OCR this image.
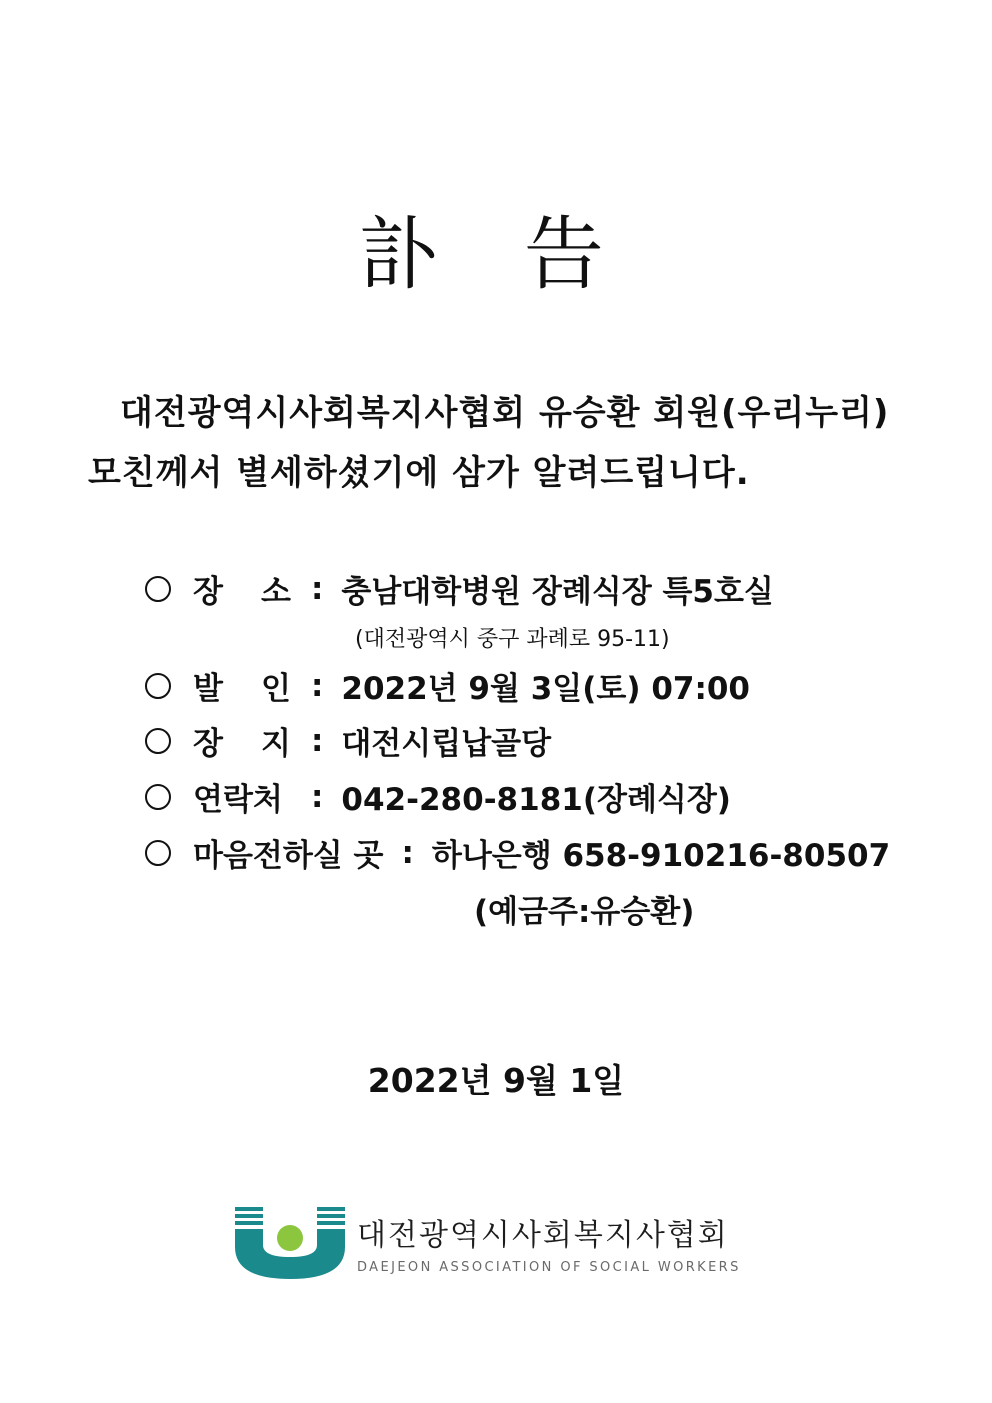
訃 告
대전광역시사회복지사협회 유승환 회원(우리누리)
모친께서 별세하셨기에 삼가 알려드립니다.
장 소 : 충남대학병원 장례식장 특5호실
(대전광역시 중구 과례로 95-11)
발 인 : 2022년 9월 3일(토) 07:00
장 지 : 대전시립납골당
연락처 : 042-280-8181(장례식장)
마음전하실 곳 : 하나은행 658-910216-80507
(예금주:유승환)
2022년 9월 1일
대전광역시사회복지사협회
DAEJEON ASSOCIATION OF SOCIAL WORKERS
